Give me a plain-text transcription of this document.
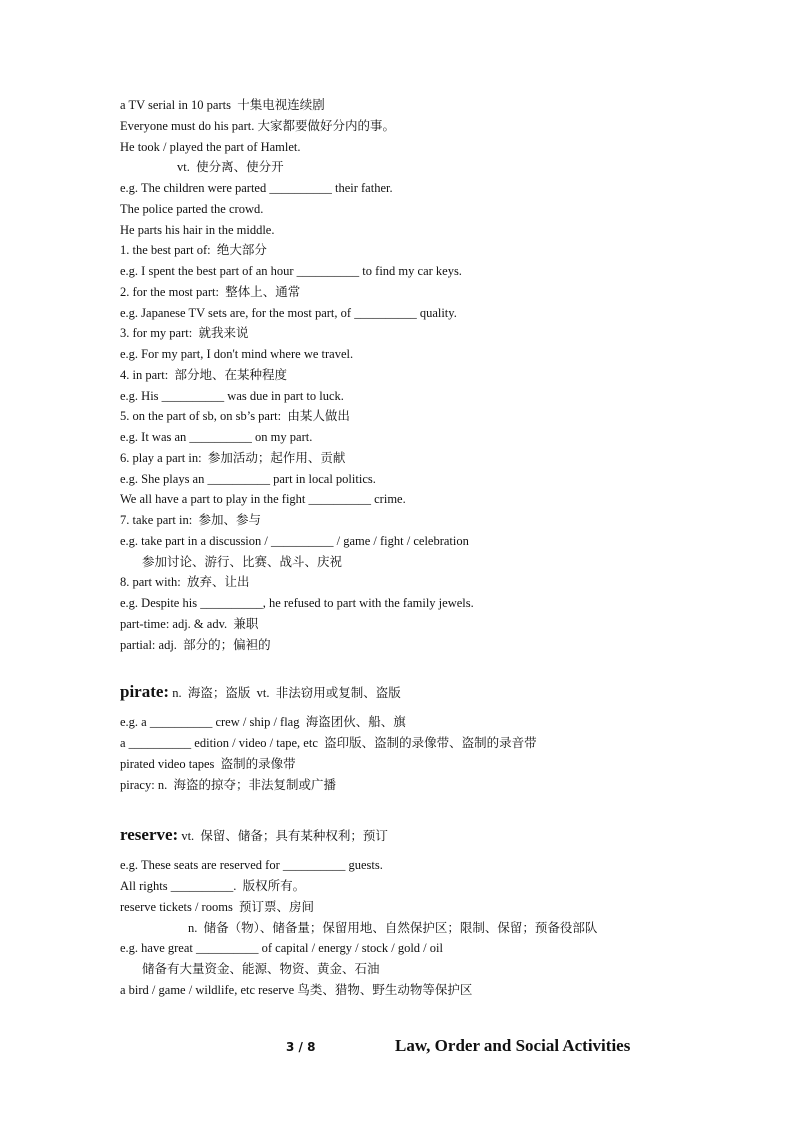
a TV serial in 10 parts  十集电视连续剧
Everyone must do his part. 大家都要做好分内的事。
He took / played the part of Hamlet.
vt.  使分离、使分开
e.g. The children were parted __________ their father.
The police parted the crowd.
He parts his hair in the middle.
1. the best part of:  绝大部分
e.g. I spent the best part of an hour __________ to find my car keys.
2. for the most part:  整体上、通常
e.g. Japanese TV sets are, for the most part, of __________ quality.
3. for my part:  就我来说
e.g. For my part, I don't mind where we travel.
4. in part:  部分地、在某种程度
e.g. His __________ was due in part to luck.
5. on the part of sb, on sb’s part:  由某人做出
e.g. It was an __________ on my part.
6. play a part in:  参加活动；起作用、贡献
e.g. She plays an __________ part in local politics.
We all have a part to play in the fight __________ crime.
7. take part in:  参加、参与
e.g. take part in a discussion / __________ / game / fight / celebration
参加讨论、游行、比赛、战斗、庆祝
8. part with:  放弃、让出
e.g. Despite his __________, he refused to part with the family jewels.
part-time: adj. & adv.  兼职
partial: adj.  部分的；偏袒的
pirate: n.  海盗；盗版  vt.  非法窃用或复制、盗版
e.g. a __________ crew / ship / flag  海盗团伙、船、旗
a __________ edition / video / tape, etc  盗印版、盗制的录像带、盗制的录音带
pirated video tapes  盗制的录像带
piracy: n.  海盗的掠夺；非法复制或广播
reserve: vt.  保留、储备；具有某种权利；预订
e.g. These seats are reserved for __________ guests.
All rights __________.  版权所有。
reserve tickets / rooms  预订票、房间
n.  储备（物）、储备量；保留用地、自然保护区；限制、保留；预备役部队
e.g. have great __________ of capital / energy / stock / gold / oil
储备有大量资金、能源、物资、黄金、石油
a bird / game / wildlife, etc reserve 鸟类、猎物、野生动物等保护区
3 / 8	Law, Order and Social Activities
